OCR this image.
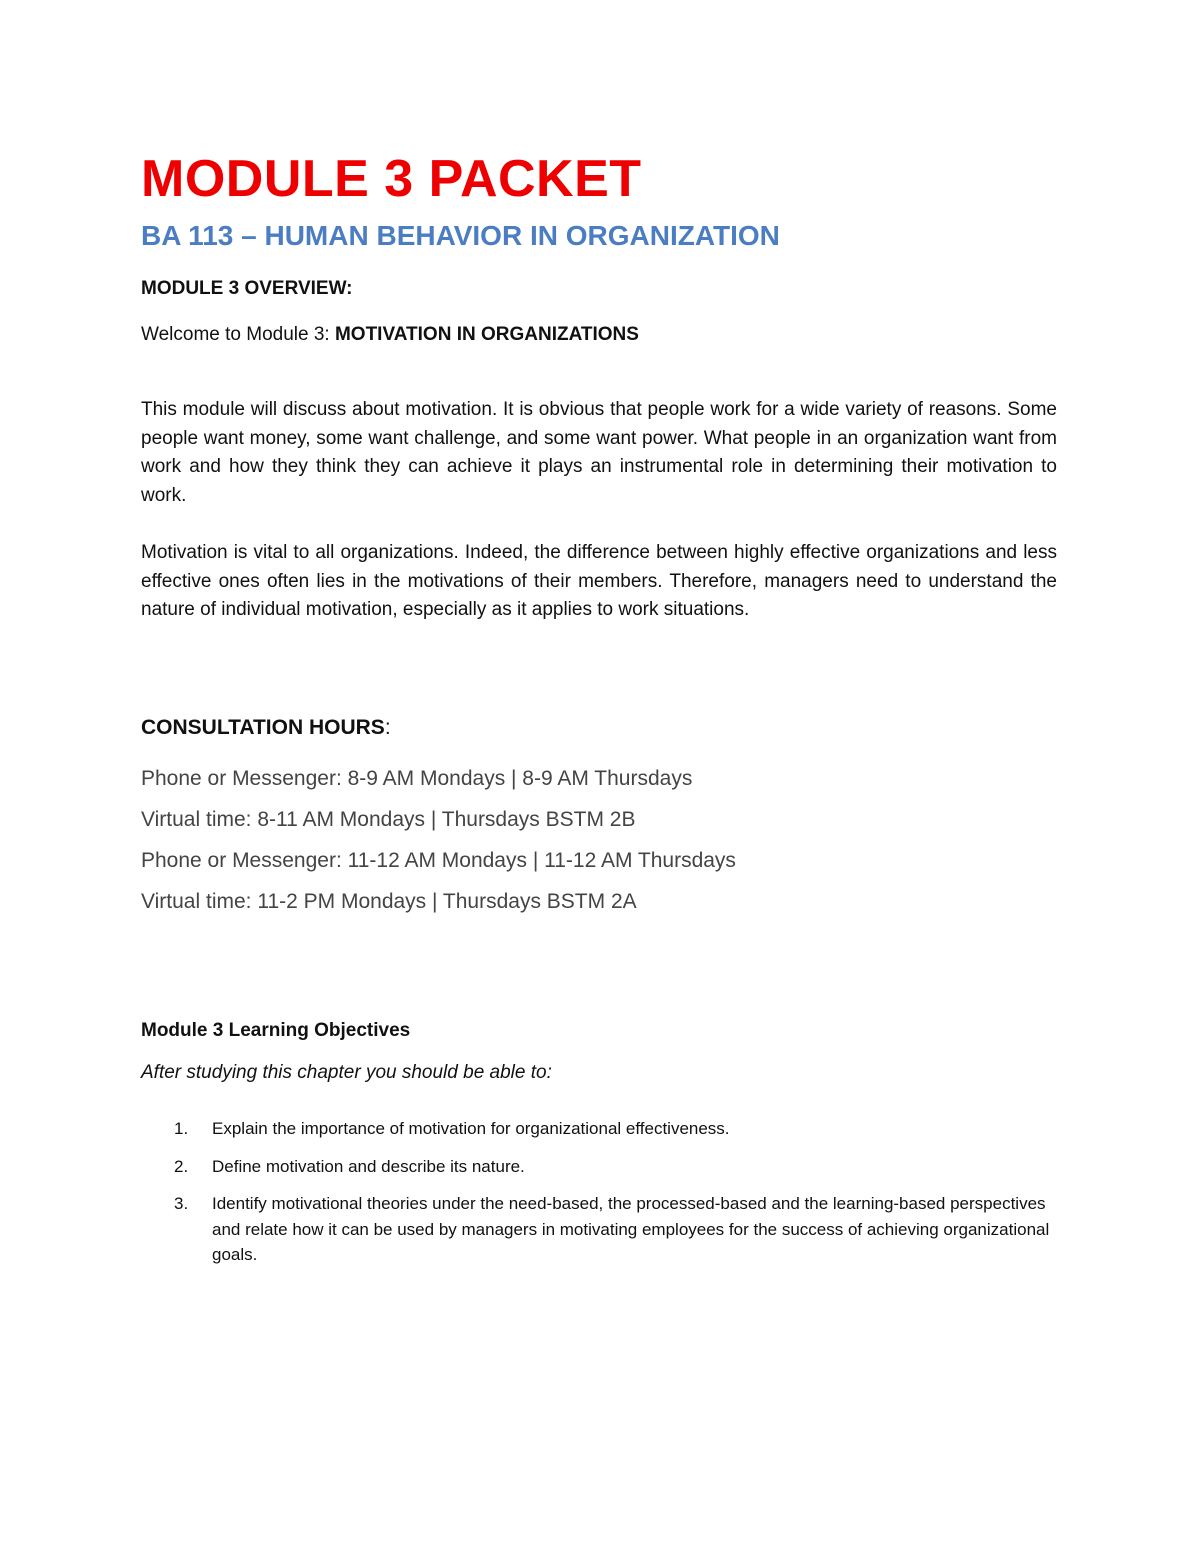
MODULE 3 PACKET
BA 113 – HUMAN BEHAVIOR IN ORGANIZATION

MODULE 3 OVERVIEW:

Welcome to Module 3: MOTIVATION IN ORGANIZATIONS

This module will discuss about motivation. It is obvious that people work for a wide variety of reasons. Some people want money, some want challenge, and some want power. What people in an organization want from work and how they think they can achieve it plays an instrumental role in determining their motivation to work.

Motivation is vital to all organizations. Indeed, the difference between highly effective organizations and less effective ones often lies in the motivations of their members. Therefore, managers need to understand the nature of individual motivation, especially as it applies to work situations.

CONSULTATION HOURS:

Phone or Messenger: 8-9 AM Mondays | 8-9 AM Thursdays
Virtual time: 8-11 AM Mondays | Thursdays BSTM 2B
Phone or Messenger: 11-12 AM Mondays | 11-12 AM Thursdays
Virtual time: 11-2 PM Mondays | Thursdays BSTM 2A

Module 3 Learning Objectives

After studying this chapter you should be able to:

1. Explain the importance of motivation for organizational effectiveness.
2. Define motivation and describe its nature.
3. Identify motivational theories under the need-based, the processed-based and the learning-based perspectives and relate how it can be used by managers in motivating employees for the success of achieving organizational goals.
